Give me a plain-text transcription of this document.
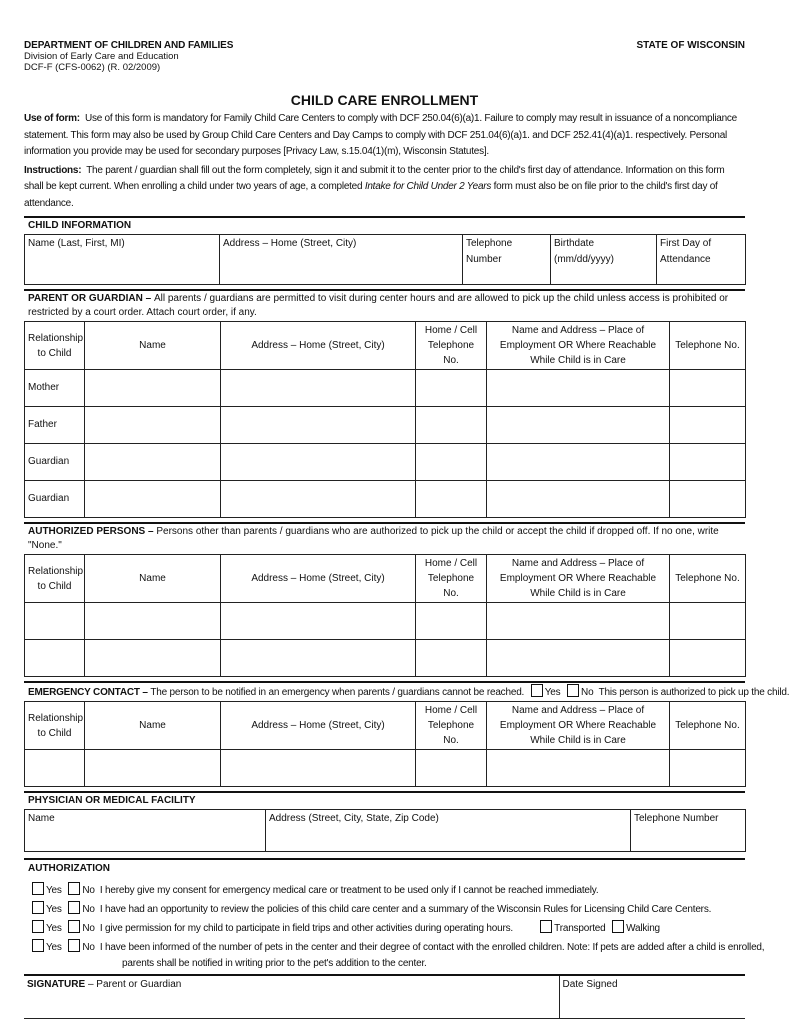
DEPARTMENT OF CHILDREN AND FAMILIES
Division of Early Care and Education
DCF-F (CFS-0062) (R. 02/2009)
STATE OF WISCONSIN
CHILD CARE ENROLLMENT
Use of form: Use of this form is mandatory for Family Child Care Centers to comply with DCF 250.04(6)(a)1. Failure to comply may result in issuance of a noncompliance statement. This form may also be used by Group Child Care Centers and Day Camps to comply with DCF 251.04(6)(a)1. and DCF 252.41(4)(a)1. respectively. Personal information you provide may be used for secondary purposes [Privacy Law, s.15.04(1)(m), Wisconsin Statutes].
Instructions: The parent / guardian shall fill out the form completely, sign it and submit it to the center prior to the child's first day of attendance. Information on this form shall be kept current. When enrolling a child under two years of age, a completed Intake for Child Under 2 Years form must also be on file prior to the child's first day of attendance.
CHILD INFORMATION
Name (Last, First, MI)	Address – Home (Street, City)	Telephone Number	Birthdate (mm/dd/yyyy)	First Day of Attendance
PARENT OR GUARDIAN – All parents / guardians are permitted to visit during center hours and are allowed to pick up the child unless access is prohibited or restricted by a court order. Attach court order, if any.
Relationship to Child	Name	Address – Home (Street, City)	Home / Cell Telephone No.	Name and Address – Place of Employment OR Where Reachable While Child is in Care	Telephone No.
Mother					
Father					
Guardian					
Guardian					
AUTHORIZED PERSONS – Persons other than parents / guardians who are authorized to pick up the child or accept the child if dropped off. If no one, write "None."
Relationship to Child	Name	Address – Home (Street, City)	Home / Cell Telephone No.	Name and Address – Place of Employment OR Where Reachable While Child is in Care	Telephone No.

EMERGENCY CONTACT – The person to be notified in an emergency when parents / guardians cannot be reached. Yes No This person is authorized to pick up the child.
Relationship to Child	Name	Address – Home (Street, City)	Home / Cell Telephone No.	Name and Address – Place of Employment OR Where Reachable While Child is in Care	Telephone No.

PHYSICIAN OR MEDICAL FACILITY
Name	Address (Street, City, State, Zip Code)	Telephone Number
AUTHORIZATION
Yes No I hereby give my consent for emergency medical care or treatment to be used only if I cannot be reached immediately.
Yes No I have had an opportunity to review the policies of this child care center and a summary of the Wisconsin Rules for Licensing Child Care Centers.
Yes No I give permission for my child to participate in field trips and other activities during operating hours.	Transported Walking
Yes No I have been informed of the number of pets in the center and their degree of contact with the enrolled children. Note: If pets are added after a child is enrolled,
parents shall be notified in writing prior to the pet's addition to the center.
SIGNATURE – Parent or Guardian	Date Signed
